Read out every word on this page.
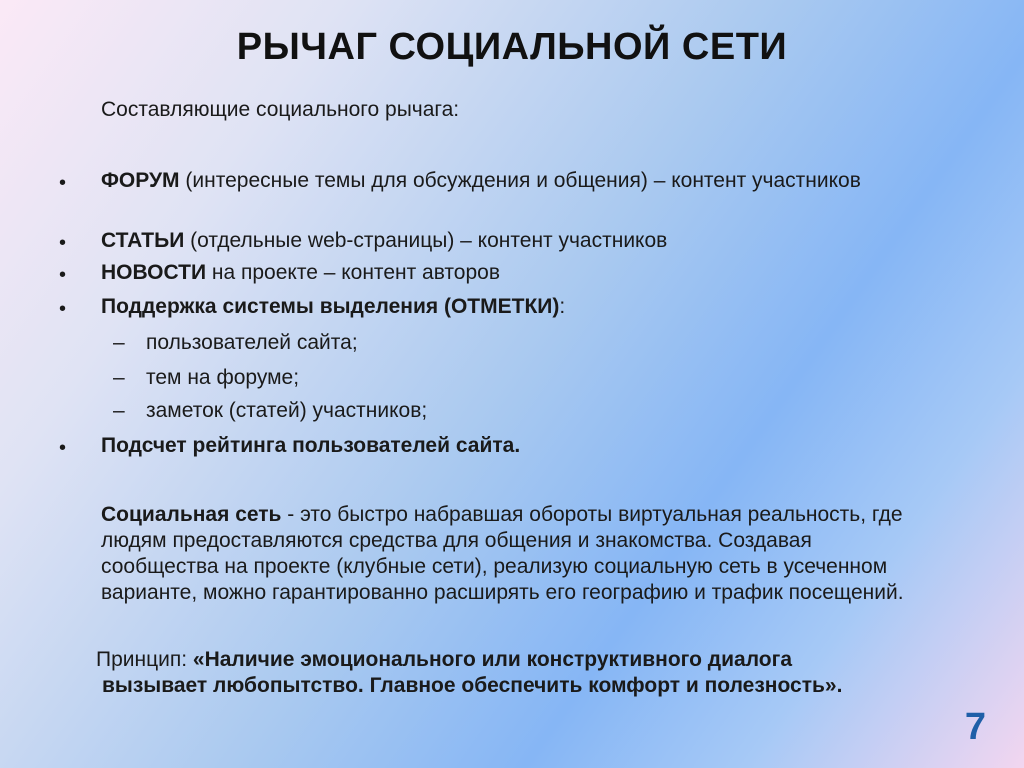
РЫЧАГ СОЦИАЛЬНОЙ СЕТИ
Составляющие социального рычага:
•	ФОРУМ (интересные темы для обсуждения и общения) – контент участников
•	СТАТЬИ (отдельные web-страницы) – контент участников
•	НОВОСТИ на проекте – контент авторов
•	Поддержка системы выделения (ОТМЕТКИ):
– пользователей сайта;
– тем на форуме;
– заметок (статей) участников;
•	Подсчет рейтинга пользователей сайта.
Социальная сеть - это быстро набравшая обороты виртуальная реальность, где людям предоставляются средства для общения и знакомства. Создавая сообщества на проекте (клубные сети), реализую социальную сеть в усеченном варианте, можно гарантированно расширять его географию и трафик посещений.
Принцип: «Наличие эмоционального или конструктивного диалога
вызывает любопытство. Главное обеспечить комфорт и полезность».
7
